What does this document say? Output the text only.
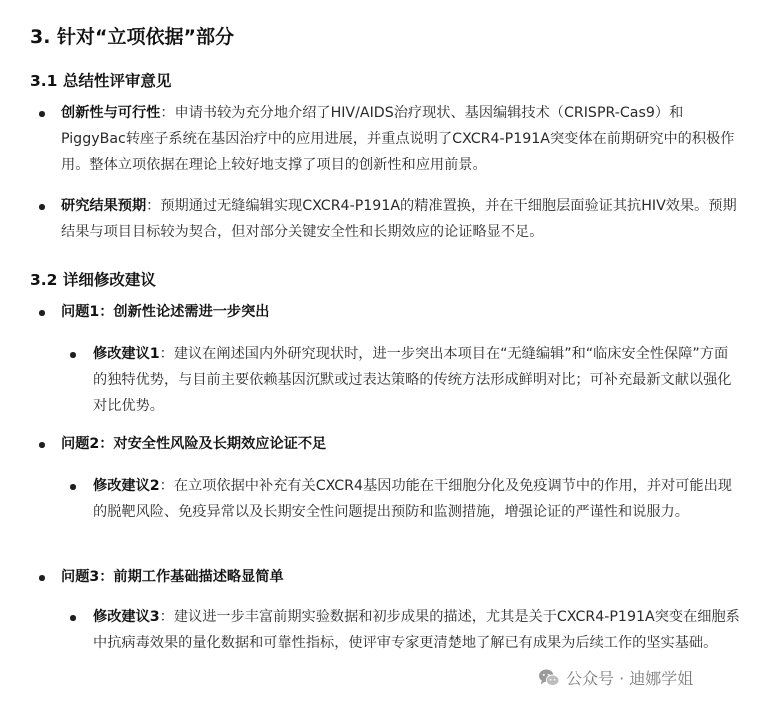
3. 针对“立项依据”部分
3.1 总结性评审意见

创新性与可行性：申请书较为充分地介绍了HIV/AIDS治疗现状、基因编辑技术（CRISPR-Cas9）和PiggyBac转座子系统在基因治疗中的应用进展，并重点说明了CXCR4-P191A突变体在前期研究中的积极作用。整体立项依据在理论上较好地支撑了项目的创新性和应用前景。

研究结果预期：预期通过无缝编辑实现CXCR4-P191A的精准置换，并在干细胞层面验证其抗HIV效果。预期结果与项目目标较为契合，但对部分关键安全性和长期效应的论证略显不足。

3.2 详细修改建议

问题1：创新性论述需进一步突出

修改建议1：建议在阐述国内外研究现状时，进一步突出本项目在“无缝编辑”和“临床安全性保障”方面的独特优势，与目前主要依赖基因沉默或过表达策略的传统方法形成鲜明对比；可补充最新文献以强化对比优势。

问题2：对安全性风险及长期效应论证不足

修改建议2：在立项依据中补充有关CXCR4基因功能在干细胞分化及免疫调节中的作用，并对可能出现的脱靶风险、免疫异常以及长期安全性问题提出预防和监测措施，增强论证的严谨性和说服力。

问题3：前期工作基础描述略显简单

修改建议3：建议进一步丰富前期实验数据和初步成果的描述，尤其是关于CXCR4-P191A突变在细胞系中抗病毒效果的量化数据和可靠性指标，使评审专家更清楚地了解已有成果为后续工作的坚实基础。

公众号 · 迪娜学姐
